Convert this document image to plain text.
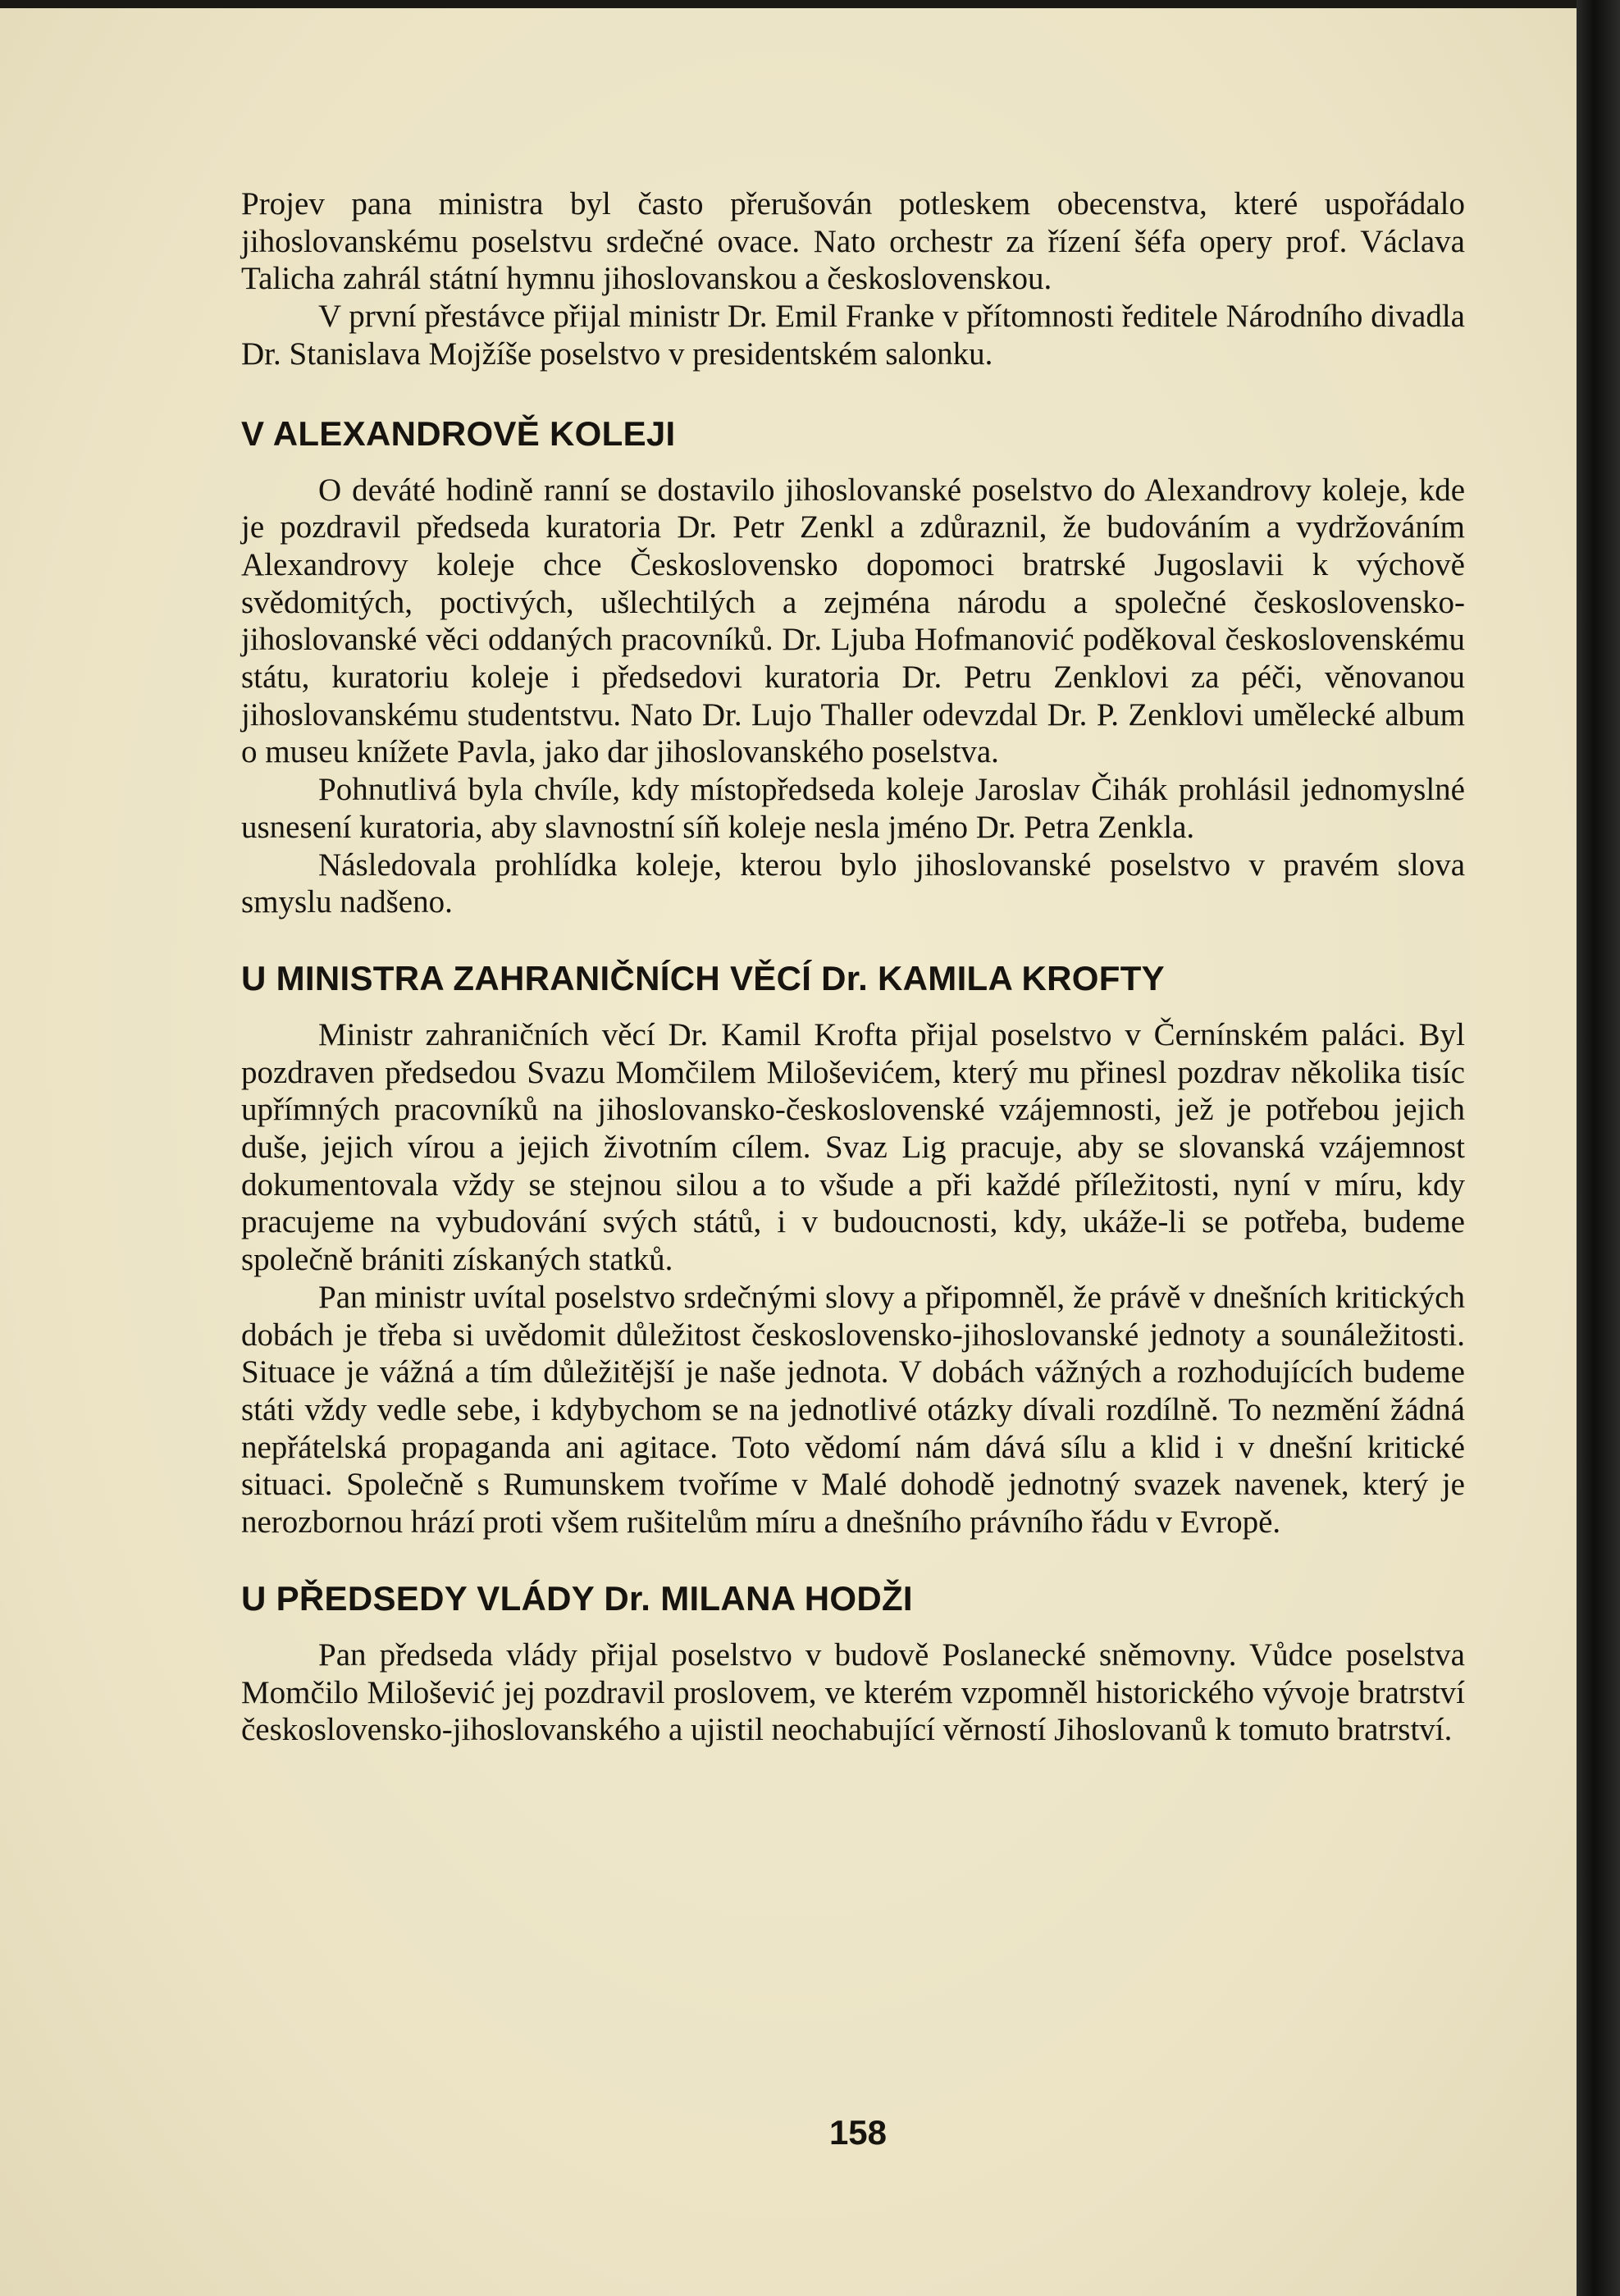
Projev pana ministra byl často přerušován potleskem obecenstva, které uspořádalo jihoslovanskému poselstvu srdečné ovace. Nato orchestr za řízení šéfa opery prof. Václava Talicha zahrál státní hymnu jihoslovanskou a československou.

V první přestávce přijal ministr Dr. Emil Franke v přítomnosti ředitele Národního divadla Dr. Stanislava Mojžíše poselstvo v presidentském salonku.

V ALEXANDROVĚ KOLEJI

O deváté hodině ranní se dostavilo jihoslovanské poselstvo do Alexandrovy koleje, kde je pozdravil předseda kuratoria Dr. Petr Zenkl a zdůraznil, že budováním a vydržováním Alexandrovy koleje chce Československo dopomoci bratrské Jugoslavii k výchově svědomitých, poctivých, ušlechtilých a zejména národu a společné československo-jihoslovanské věci oddaných pracovníků. Dr. Ljuba Hofmanović poděkoval československému státu, kuratoriu koleje i předsedovi kuratoria Dr. Petru Zenklovi za péči, věnovanou jihoslovanskému studentstvu. Nato Dr. Lujo Thaller odevzdal Dr. P. Zenklovi umělecké album o museu knížete Pavla, jako dar jihoslovanského poselstva.

Pohnutlivá byla chvíle, kdy místopředseda koleje Jaroslav Čihák prohlásil jednomyslné usnesení kuratoria, aby slavnostní síň koleje nesla jméno Dr. Petra Zenkla.

Následovala prohlídka koleje, kterou bylo jihoslovanské poselstvo v pravém slova smyslu nadšeno.

U MINISTRA ZAHRANIČNÍCH VĚCÍ Dr. KAMILA KROFTY

Ministr zahraničních věcí Dr. Kamil Krofta přijal poselstvo v Černínském paláci. Byl pozdraven předsedou Svazu Momčilem Miloševićem, který mu přinesl pozdrav několika tisíc upřímných pracovníků na jihoslovansko-československé vzájemnosti, jež je potřebou jejich duše, jejich vírou a jejich životním cílem. Svaz Lig pracuje, aby se slovanská vzájemnost dokumentovala vždy se stejnou silou a to všude a při každé příležitosti, nyní v míru, kdy pracujeme na vybudování svých států, i v budoucnosti, kdy, ukáže-li se potřeba, budeme společně brániti získaných statků.

Pan ministr uvítal poselstvo srdečnými slovy a připomněl, že právě v dnešních kritických dobách je třeba si uvědomit důležitost československo-jihoslovanské jednoty a sounáležitosti. Situace je vážná a tím důležitější je naše jednota. V dobách vážných a rozhodujících budeme státi vždy vedle sebe, i kdybychom se na jednotlivé otázky dívali rozdílně. To nezmění žádná nepřátelská propaganda ani agitace. Toto vědomí nám dává sílu a klid i v dnešní kritické situaci. Společně s Rumunskem tvoříme v Malé dohodě jednotný svazek navenek, který je nerozbornou hrází proti všem rušitelům míru a dnešního právního řádu v Evropě.

U PŘEDSEDY VLÁDY Dr. MILANA HODŽI

Pan předseda vlády přijal poselstvo v budově Poslanecké sněmovny. Vůdce poselstva Momčilo Milošević jej pozdravil proslovem, ve kterém vzpomněl historického vývoje bratrství československo-jihoslovanského a ujistil neochabující věrností Jihoslovanů k tomuto bratrství.

158
